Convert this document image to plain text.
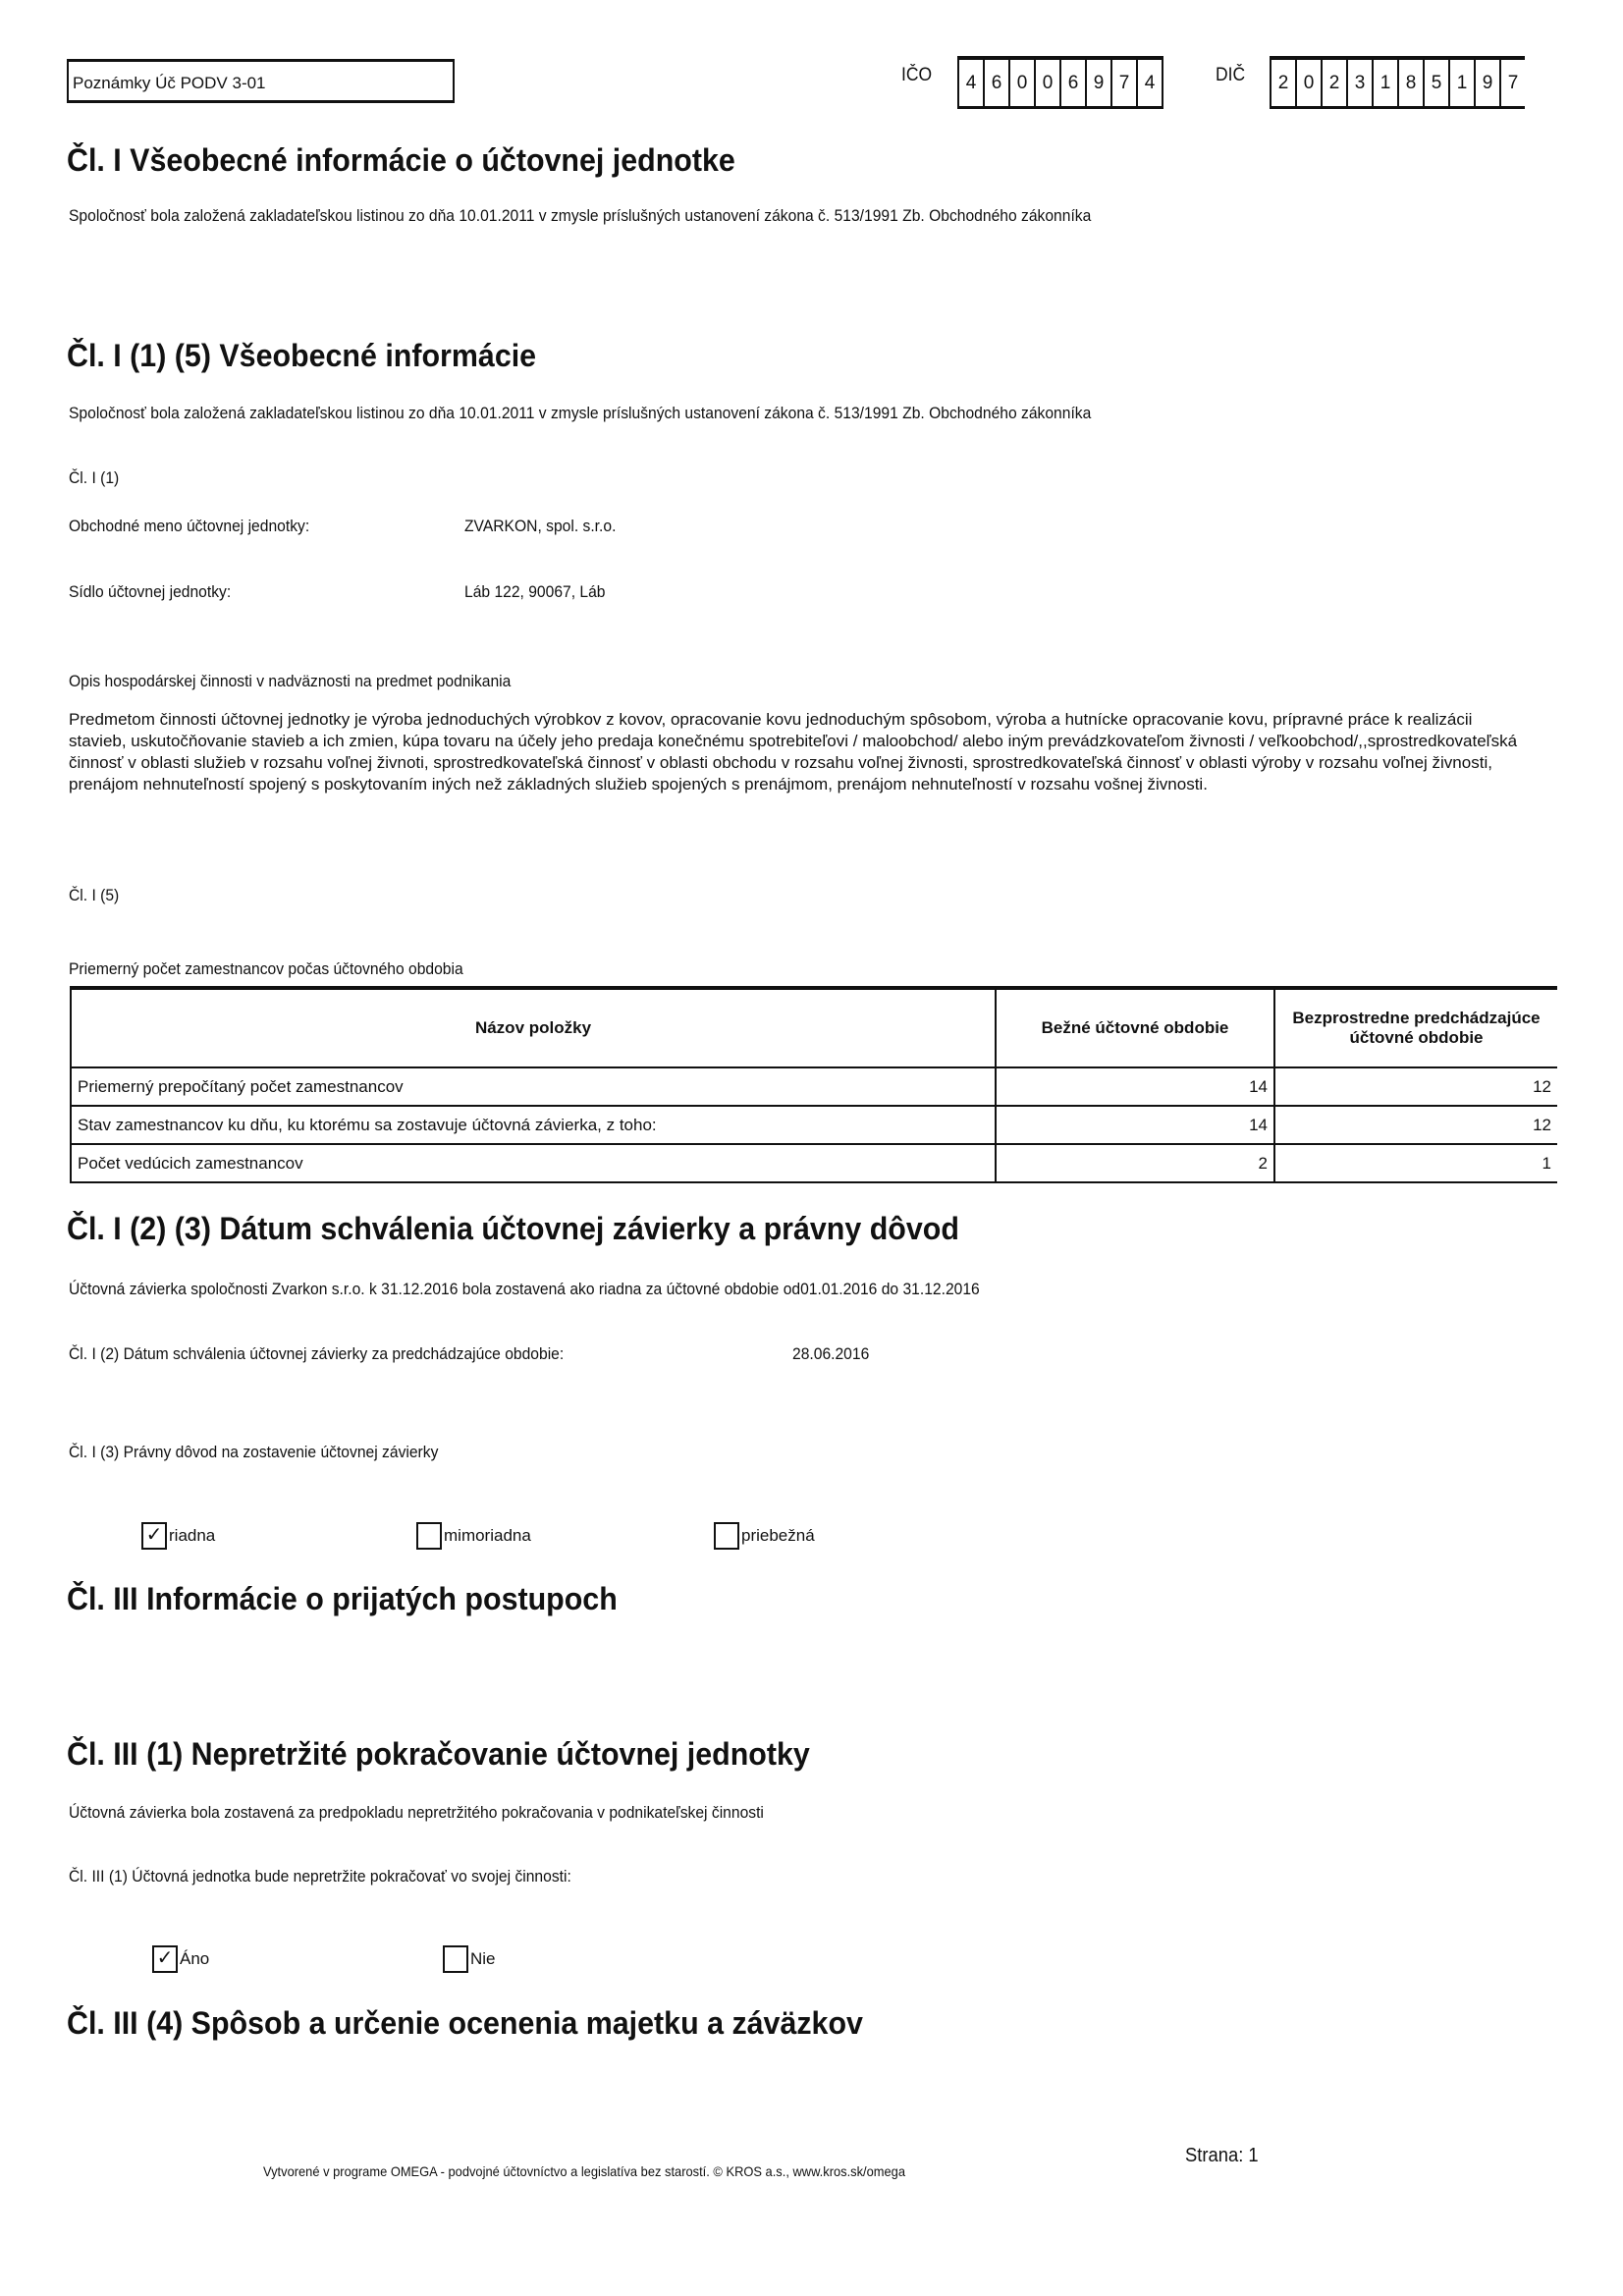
Poznámky Úč PODV 3-01	IČO	4 6 0 0 6 9 7 4	DIČ	2 0 2 3 1 8 5 1 9 7
Čl. I Všeobecné informácie o účtovnej jednotke
Spoločnosť bola založená zakladateľskou listinou zo dňa 10.01.2011 v zmysle príslušných ustanovení zákona č. 513/1991 Zb. Obchodného zákonníka
Čl. I (1) (5) Všeobecné informácie
Spoločnosť bola založená zakladateľskou listinou zo dňa 10.01.2011 v zmysle príslušných ustanovení zákona č. 513/1991 Zb. Obchodného zákonníka
Čl. I (1)
Obchodné meno účtovnej jednotky:	ZVARKON, spol. s.r.o.
Sídlo účtovnej jednotky:	Láb 122, 90067, Láb
Opis hospodárskej činnosti v nadväznosti na predmet podnikania
Predmetom činnosti účtovnej jednotky je výroba jednoduchých výrobkov z kovov, opracovanie kovu jednoduchým spôsobom, výroba a hutnícke opracovanie kovu, prípravné práce k realizácii stavieb, uskutočňovanie stavieb a ich zmien, kúpa tovaru na účely jeho predaja konečnému spotrebiteľovi / maloobchod/ alebo iným prevádzkovateľom živnosti / veľkoobchod/,,sprostredkovateľská činnosť v oblasti služieb v rozsahu voľnej živnoti, sprostredkovateľská činnosť v oblasti obchodu v rozsahu voľnej živnosti, sprostredkovateľská činnosť v oblasti výroby v rozsahu voľnej živnosti, prenájom nehnuteľností spojený s poskytovaním iných než základných služieb spojených s prenájmom, prenájom nehnuteľností v rozsahu vošnej živnosti.
Čl. I (5)
Priemerný počet zamestnancov počas účtovného obdobia
Názov položky	Bežné účtovné obdobie	Bezprostredne predchádzajúce účtovné obdobie
Priemerný prepočítaný počet zamestnancov	14	12
Stav zamestnancov ku dňu, ku ktorému sa zostavuje účtovná závierka, z toho:	14	12
Počet vedúcich zamestnancov	2	1
Čl. I (2) (3) Dátum schválenia účtovnej závierky a právny dôvod
Účtovná závierka spoločnosti Zvarkon s.r.o. k 31.12.2016 bola zostavená ako riadna za účtovné obdobie od01.01.2016 do 31.12.2016
Čl. I (2) Dátum schválenia účtovnej závierky za predchádzajúce obdobie:	28.06.2016
Čl. I (3) Právny dôvod na zostavenie účtovnej závierky
✓ riadna	mimoriadna	priebežná
Čl. III Informácie o prijatých postupoch
Čl. III (1) Nepretržité pokračovanie účtovnej jednotky
Účtovná závierka bola zostavená za predpokladu nepretržitého pokračovania v podnikateľskej činnosti
Čl. III (1) Účtovná jednotka bude nepretržite pokračovať vo svojej činnosti:
✓ Áno	Nie
Čl. III (4) Spôsob a určenie ocenenia majetku a záväzkov
Vytvorené v programe OMEGA - podvojné účtovníctvo a legislatíva bez starostí. © KROS a.s., www.kros.sk/omega
Strana: 1
